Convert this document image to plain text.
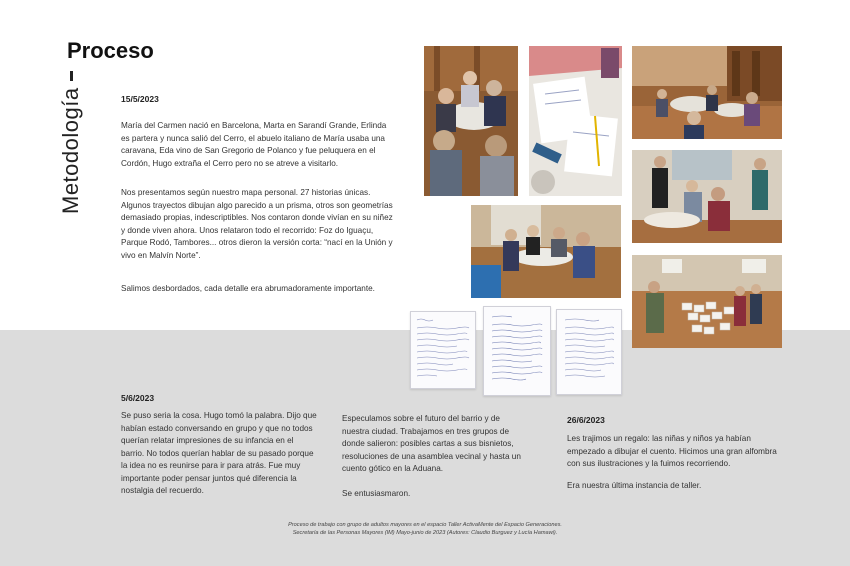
Metodología
Proceso
15/5/2023

María del Carmen nació en Barcelona, Marta en Sarandí Grande, Erlinda es partera y nunca salió del Cerro, el abuelo italiano de María usaba una caravana, Eda vino de San Gregorio de Polanco y fue peluquera en el Cordón, Hugo extraña el Cerro pero no se atreve a visitarlo.

Nos presentamos según nuestro mapa personal. 27 historias únicas. Algunos trayectos dibujan algo parecido a un prisma, otros son geometrías demasiado propias, indescriptibles. Nos contaron donde vivían en su niñez y donde viven ahora. Unos relataron todo el recorrido: Foz do Iguaçu, Parque Rodó, Tambores... otros dieron la versión corta: “nací en la Unión y vivo en Malvín Norte”.

Salimos desbordados, cada detalle era abrumadoramente importante.

5/6/2023

Se puso seria la cosa. Hugo tomó la palabra. Dijo que habían estado conversando en grupo y que no todos querían relatar impresiones de su infancia en el barrio. No todos querían hablar de su pasado porque la idea no es reunirse para ir para atrás. Fue muy importante poder pensar juntos qué diferencia la nostalgia del recuerdo.

Especulamos sobre el futuro del barrio y de nuestra ciudad. Trabajamos en tres grupos de donde salieron: posibles cartas a sus bisnietos, resoluciones de una asamblea vecinal y hasta un cuento gótico en la Aduana.

Se entusiasmaron.

26/6/2023

Les trajimos un regalo: las niñas y niños ya habían empezado a dibujar el cuento. Hicimos una gran alfombra con sus ilustraciones y la fuimos recorriendo.

Era nuestra última instancia de taller.

Proceso de trabajo con grupo de adultos mayores en el espacio Taller ActivaMente del Espacio Generaciones.
Secretaría de las Personas Mayores (IM) Mayo-junio de 2023 (Autores: Claudio Burguez y Lucía Hamawi).
